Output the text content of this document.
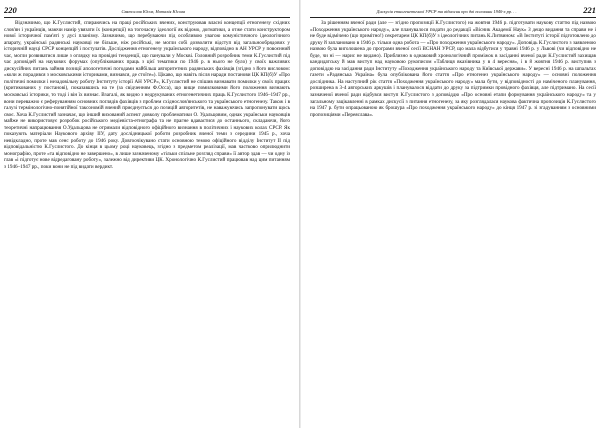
220	Святослав Юсов, Наталія Юсова

Відзначимо, що К.Гуслистий, спираючись на праці російських вчених, конструював власні концепції етногенезу східних слов'ян і українців, маючи намір увязати їх (концепції) на тогочасну ідеології як відомо, догматики, а отже стати конструктором нової історичної пам'яті у дусі планізму. Зазначимо, що перебуваючи під особливою увагою комуністичного ідеологічного апарату, українські радянські науковці не більше, ніж російські, не могли собі дозволити відступ від загальнообрядових у історичній науці СРСР концепцій і постулатів. Дослідження етногенезу українського народу, відповідно в АН УРСР у повоєнний час, могли розвиватися лише з оглядку на провідні тенденції, що панували у Москві. Головний розробник теми К.Гуслистий під час доповідей на наукових форумах (опублікованих праць з цієї тематики по 1946 р. в нього не було) у своїх важливих дискусійних питань зайняв позиції апологетичні погодами найбільш авторитетних радянських фахівців (згідно з його висловом: «коли ж порадився з московськими істориками, визнався, де стоїте»). Цікаво, що навіть після наради постанови ЦК КП(б)У «Про політичні помилки і незадовільну роботу Інституту історії АН УРСР», К.Гуслистий не спішив визнавати помилки у своїх працях (критикованих у постанові), показавшись на те (за свідченням Ф.Осса), що вище помилковими його положення визнають московські історики, то тоді і він їх визнає. Взагалі, як видно з недрукуваних етногенетичних праць К.Гуслистого 1946–1947 рр., вони переважно є реферуванням основних поглядів фахівців з проблем східнослов'янського та українського етногенезу. Також і в галузі термінологічно-понятійної таксономій вчений приєднується до позицій авторитетів, не наважуючись запропонувати щось своє. Хоча К.Гуслистий зазначає, що інший вихований аспект довколу проблематики О. Удальцовим, однак українськи науковців майже не використовує розробок російського медіевіста-етнографа та не прагне вдавастися до останнього, складаючи, його теоретичні напрацювання О.Удальцова не отримали відповідного офіційного визнання в політичних і наукових колах СРСР. Як показують матеріали Наукового архіву ІІУ, дату дослідницької роботи розробник вченої теми з середини 1945 р., хоча невідкладно, проте мав сенс роботу до 1946 року. Довгоочікувано стати основною темою офіційного відділу Інститут ІІ під відповідальністю К.Гуслистого. До кінця в цьому році науковець, згідно з предметом реалізації, мав частково оприлюднити монографію, проте «та відповідно не завершено», в лише зазначеному «тільки спільне розгляд справи» її автор здав — чи одну із глав «і підготує нове відредаговану роботу», залежно від директиви ЦК. Хронологічно К.Гуслистий працював над цим питанням з 1946–1947 рр., поки вони не під видати вердикт.

Дискусія етногенетичної УРСР та відносин про дві половини 1940-х рр. . .	221

За рішенням вченої ради (але — згідно пропозиції К.Гуслистого) на жовтня 1946 р. підготувати наукову статтю під назвою «Походження українського народу», але планувалося подати до редакції «Вісник Академії Наук» З дещо видання та справи не і не буде відмічено (що примітно!) секретарем ЦК КП(б)У з ідеологічних питань К.Литвином: «В Інституті історії підготовлено до друку й заплановано в 1946 р. тільки одна робота — «Про походження українського народу». Доповідь К.Гуслистого з заявленою назвою була виголошена до програми вченої сесії ВСНАН УРСР, що мала відбутися у травні 1946 р. у Львові (чи відповідно не буде, чи ні — нарис не видано). Приблизно в однаковий хронологічний проміжок в засіданні вченої ради К.Гуслистий захищав кандидатську й мав виступ над науковою рукописом «Таблиця вказівника у в 4 вересня», і в 8 жовтня 1946 р. виступив з доповіддю на засідання ради Інституту «Походження українського народу та Київської держави». У вересні 1946 р. на шпальтах газети «Радянська Україна» була опублікована його стаття «Про етногенез українського народу» — основні положення дослідника. На наступний рік стаття «Походження українського народу» мала бути, у відповідності до наміченого планування, розширена в 3-4 авторських аркушів і планувалося віддати до друку за підтримки провідного фахівця, але підтримано. На сесії зазначеної вченої ради відбувся виступ К.Гуслистого з доповіддю «Про основні етапи формування українського народу» та у загальному зацікавленні в рамках дискусії з питання етногенезу, за яку розглядалася наукова фактична пропозиція К.Гуслистого на 1947 р. бути опрацьованою як брошура «Про походження українського народу» до кінця 1947 р. зі згадуванням з основними пропозиціями «Переяслава».
